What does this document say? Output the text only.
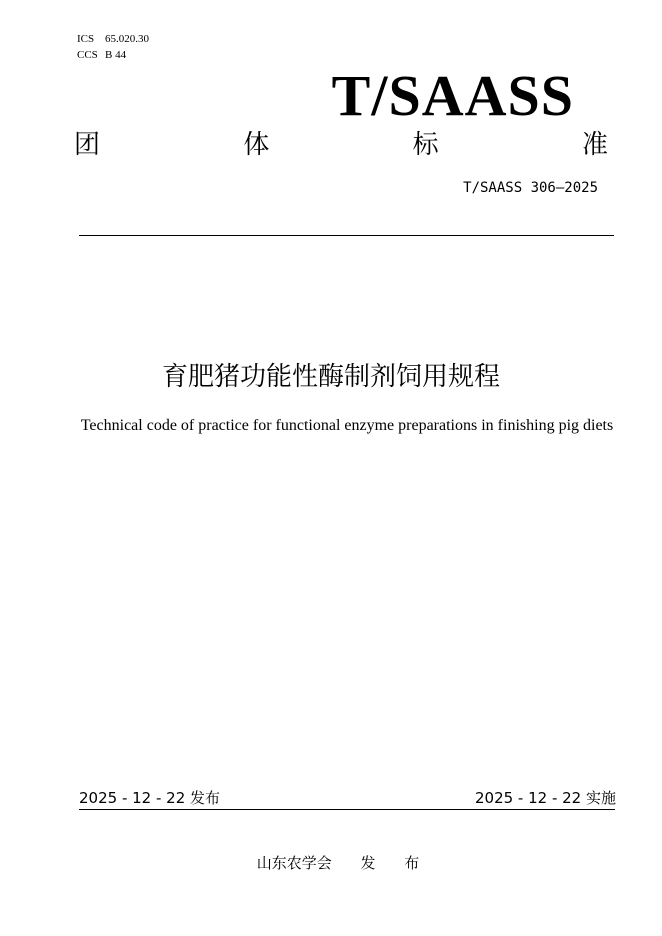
ICS 65.020.30
CCS B 44
T/SAASS
团	体	标	准
T/SAASS 306—2025
育肥猪功能性酶制剂饲用规程
Technical code of practice for functional enzyme preparations in finishing pig diets
2025 - 12 - 22 发布	2025 - 12 - 22 实施
山东农学会 发 布
